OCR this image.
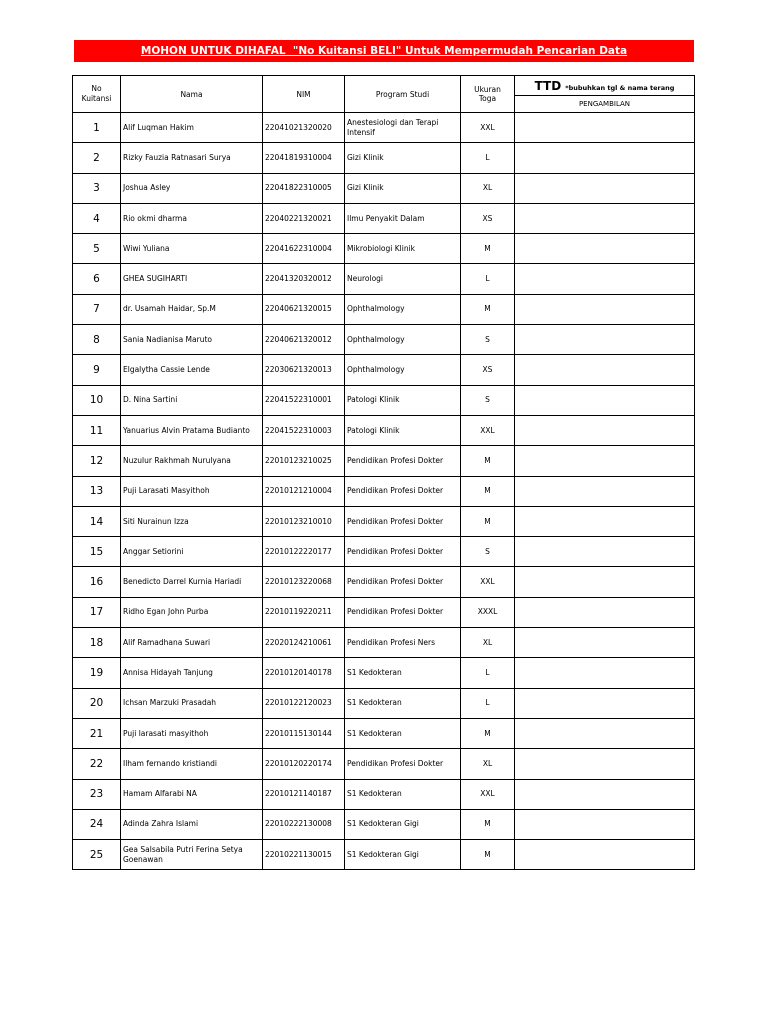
MOHON UNTUK DIHAFAL  "No Kuitansi BELI" Untuk Mempermudah Pencarian Data
No
Kuitansi	Nama	NIM	Program Studi	Ukuran
Toga	TTD *bubuhkan tgl & nama terang
					PENGAMBILAN
1	Alif Luqman Hakim	22041021320020	Anestesiologi dan Terapi Intensif	XXL	
2	Rizky Fauzia Ratnasari Surya	22041819310004	Gizi Klinik	L	
3	Joshua Asley	22041822310005	Gizi Klinik	XL	
4	Rio okmi dharma	22040221320021	Ilmu Penyakit Dalam	XS	
5	Wiwi Yuliana	22041622310004	Mikrobiologi Klinik	M	
6	GHEA SUGIHARTI	22041320320012	Neurologi	L	
7	dr. Usamah Haidar, Sp.M	22040621320015	Ophthalmology	M	
8	Sania Nadianisa Maruto	22040621320012	Ophthalmology	S	
9	Elgalytha Cassie Lende	22030621320013	Ophthalmology	XS	
10	D. Nina Sartini	22041522310001	Patologi Klinik	S	
11	Yanuarius Alvin Pratama Budianto	22041522310003	Patologi Klinik	XXL	
12	Nuzulur Rakhmah Nurulyana	22010123210025	Pendidikan Profesi Dokter	M	
13	Puji Larasati Masyithoh	22010121210004	Pendidikan Profesi Dokter	M	
14	Siti Nurainun Izza	22010123210010	Pendidikan Profesi Dokter	M	
15	Anggar Setiorini	22010122220177	Pendidikan Profesi Dokter	S	
16	Benedicto Darrel Kurnia Hariadi	22010123220068	Pendidikan Profesi Dokter	XXL	
17	Ridho Egan John Purba	22010119220211	Pendidikan Profesi Dokter	XXXL	
18	Alif Ramadhana Suwari	22020124210061	Pendidikan Profesi Ners	XL	
19	Annisa Hidayah Tanjung	22010120140178	S1 Kedokteran	L	
20	Ichsan Marzuki Prasadah	22010122120023	S1 Kedokteran	L	
21	Puji larasati masyithoh	22010115130144	S1 Kedokteran	M	
22	Ilham fernando kristiandi	22010120220174	Pendidikan Profesi Dokter	XL	
23	Hamam Alfarabi NA	22010121140187	S1 Kedokteran	XXL	
24	Adinda Zahra Islami	22010222130008	S1 Kedokteran Gigi	M	
25	Gea Salsabila Putri Ferina Setya Goenawan	22010221130015	S1 Kedokteran Gigi	M	
